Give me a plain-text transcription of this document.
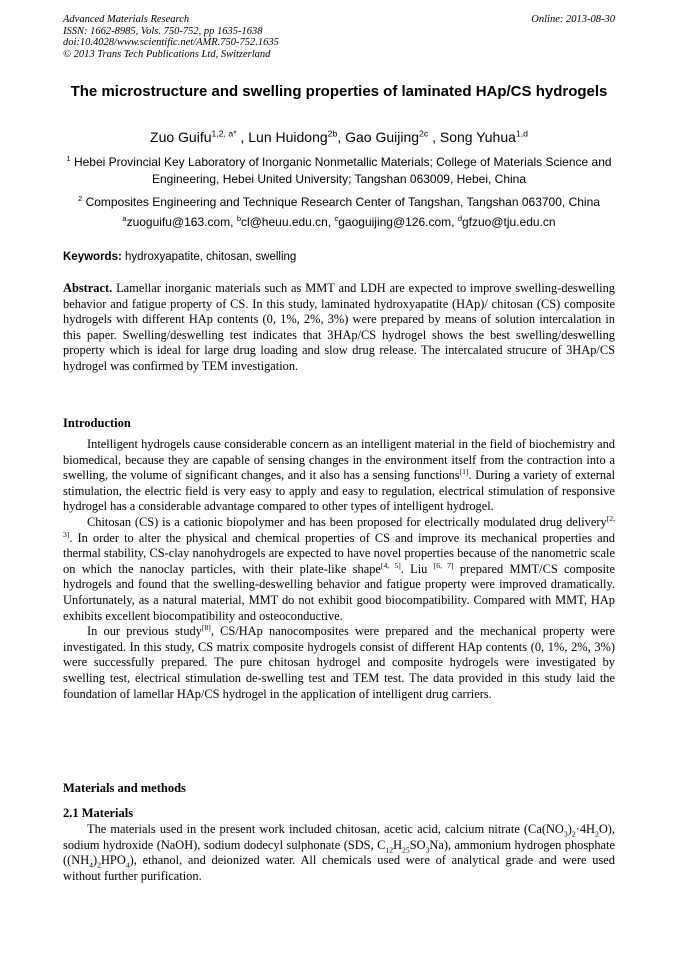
Advanced Materials Research
ISSN: 1662-8985, Vols. 750-752, pp 1635-1638
doi:10.4028/www.scientific.net/AMR.750-752.1635
© 2013 Trans Tech Publications Ltd, Switzerland
Online: 2013-08-30
The microstructure and swelling properties of laminated HAp/CS hydrogels
Zuo Guifu$^{1,2, a*}$ , Lun Huidong$^{2b}$, Gao Guijing$^{2c}$ , Song Yuhua$^{1,d}$
$^1$ Hebei Provincial Key Laboratory of Inorganic Nonmetallic Materials; College of Materials Science and Engineering, Hebei United University; Tangshan 063009, Hebei, China
$^2$ Composites Engineering and Technique Research Center of Tangshan, Tangshan 063700, China
$^a$zuoguifu@163.com, $^b$cl@heuu.edu.cn, $^c$gaoguijing@126.com, $^d$gfzuo@tju.edu.cn
Keywords: hydroxyapatite, chitosan, swelling
Abstract. Lamellar inorganic materials such as MMT and LDH are expected to improve swelling-deswelling behavior and fatigue property of CS. In this study, laminated hydroxyapatite (HAp)/ chitosan (CS) composite hydrogels with different HAp contents (0, 1%, 2%, 3%) were prepared by means of solution intercalation in this paper. Swelling/deswelling test indicates that 3HAp/CS hydrogel shows the best swelling/deswelling property which is ideal for large drug loading and slow drug release. The intercalated strucure of 3HAp/CS hydrogel was confirmed by TEM investigation.
Introduction

Intelligent hydrogels cause considerable concern as an intelligent material in the field of biochemistry and biomedical, because they are capable of sensing changes in the environment itself from the contraction into a swelling, the volume of significant changes, and it also has a sensing functions[1]. During a variety of external stimulation, the electric field is very easy to apply and easy to regulation, electrical stimulation of responsive hydrogel has a considerable advantage compared to other types of intelligent hydrogel.

Chitosan (CS) is a cationic biopolymer and has been proposed for electrically modulated drug delivery[2, 3]. In order to alter the physical and chemical properties of CS and improve its mechanical properties and thermal stability, CS-clay nanohydrogels are expected to have novel properties because of the nanometric scale on which the nanoclay particles, with their plate-like shape[4, 5]. Liu [6, 7] prepared MMT/CS composite hydrogels and found that the swelling-deswelling behavior and fatigue property were improved dramatically. Unfortunately, as a natural material, MMT do not exhibit good biocompatibility. Compared with MMT, HAp exhibits excellent biocompatibility and osteoconductive.

In our previous study[8], CS/HAp nanocomposites were prepared and the mechanical property were investigated. In this study, CS matrix composite hydrogels consist of different HAp contents (0, 1%, 2%, 3%) were successfully prepared. The pure chitosan hydrogel and composite hydrogels were investigated by swelling test, electrical stimulation de-swelling test and TEM test. The data provided in this study laid the foundation of lamellar HAp/CS hydrogel in the application of intelligent drug carriers.

Materials and methods
2.1 Materials

The materials used in the present work included chitosan, acetic acid, calcium nitrate $(Ca(NO_3)_2\cdot 4H_2O)$, sodium hydroxide (NaOH), sodium dodecyl sulphonate (SDS, $C_{12}H_{25}SO_3Na$), ammonium hydrogen phosphate $((NH_4)_2HPO_4)$, ethanol, and deionized water. All chemicals used were of analytical grade and were used without further purification.
